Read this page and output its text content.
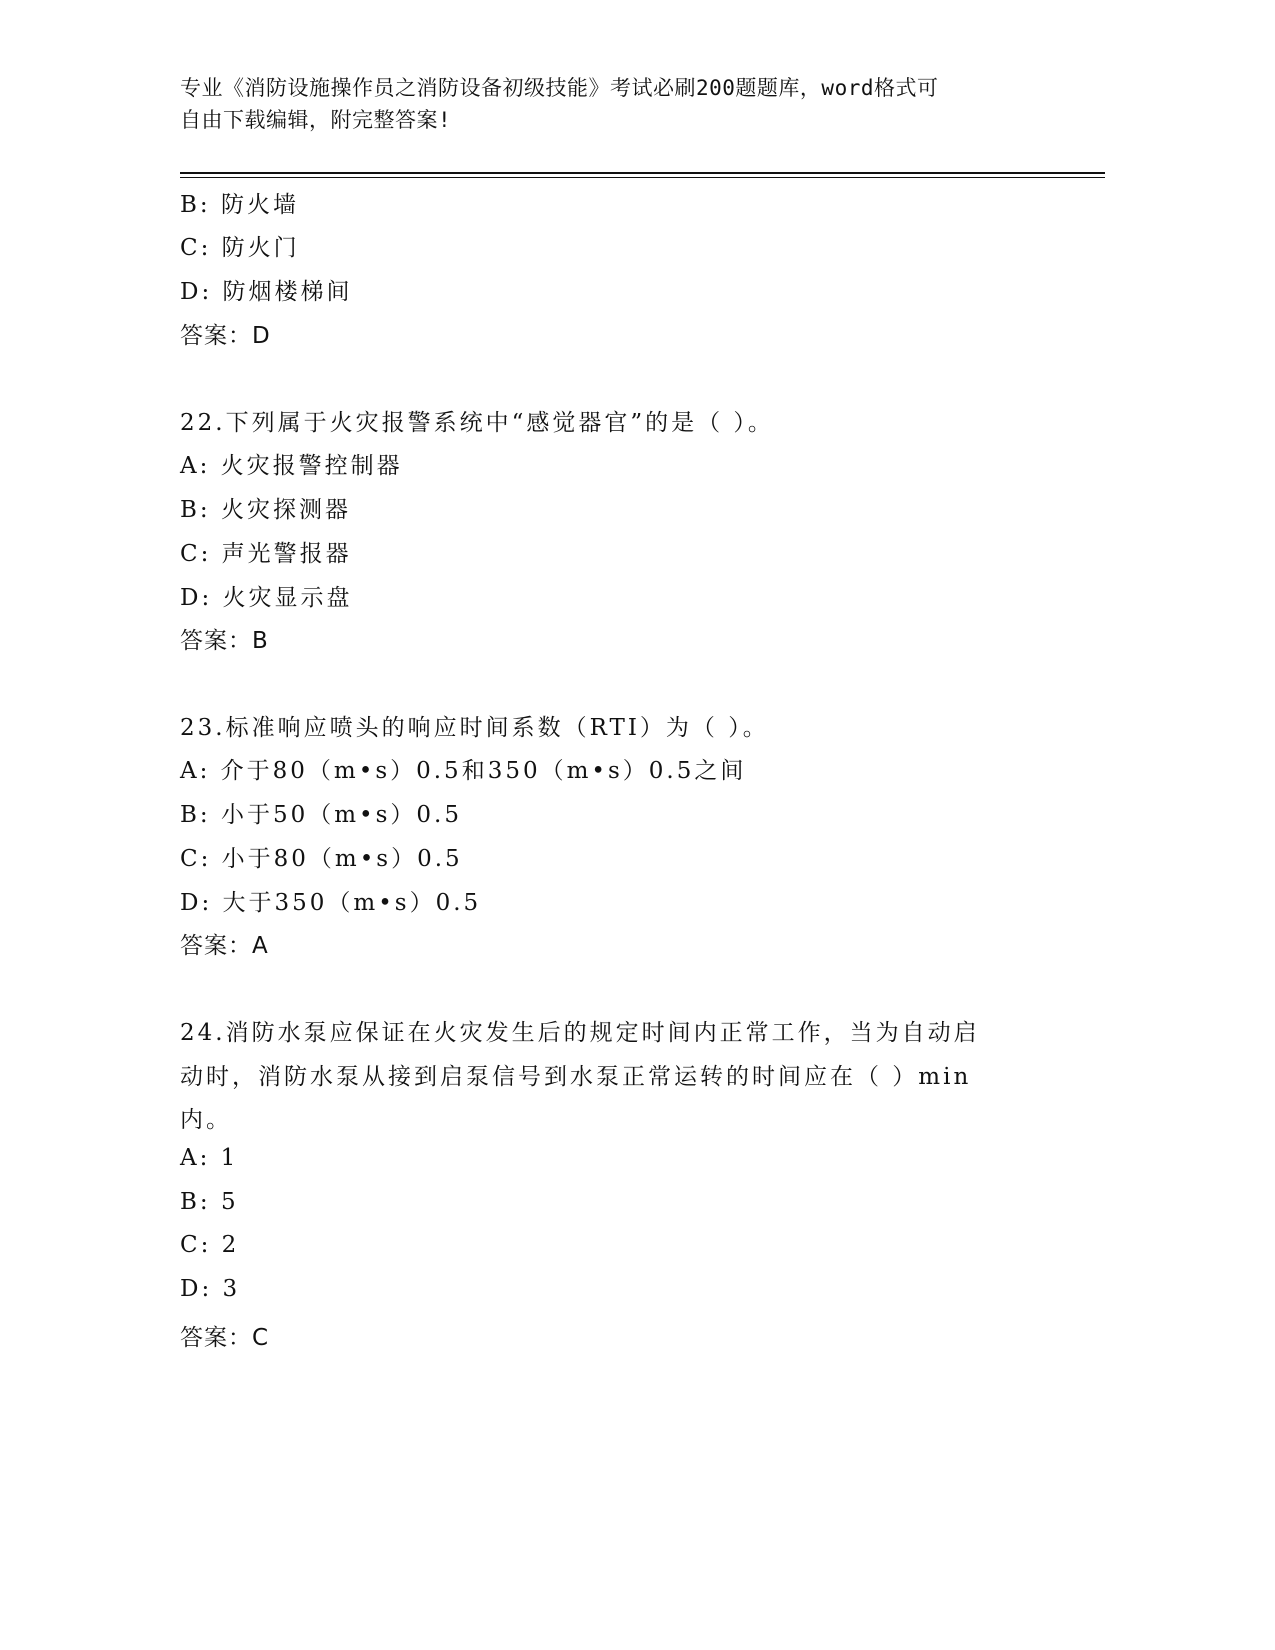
专业《消防设施操作员之消防设备初级技能》考试必刷200题题库，word格式可
自由下载编辑，附完整答案!
B: 防火墙
C: 防火门
D: 防烟楼梯间
答案：D
22.下列属于火灾报警系统中“感觉器官”的是（ ）。
A: 火灾报警控制器
B: 火灾探测器
C: 声光警报器
D: 火灾显示盘
答案：B
23.标准响应喷头的响应时间系数（RTI）为（ ）。
A: 介于80（m•s）0.5和350（m•s）0.5之间
B: 小于50（m•s）0.5
C: 小于80（m•s）0.5
D: 大于350（m•s）0.5
答案：A
24.消防水泵应保证在火灾发生后的规定时间内正常工作，当为自动启
动时，消防水泵从接到启泵信号到水泵正常运转的时间应在（ ）min
内。
A: 1
B: 5
C: 2
D: 3
答案：C
